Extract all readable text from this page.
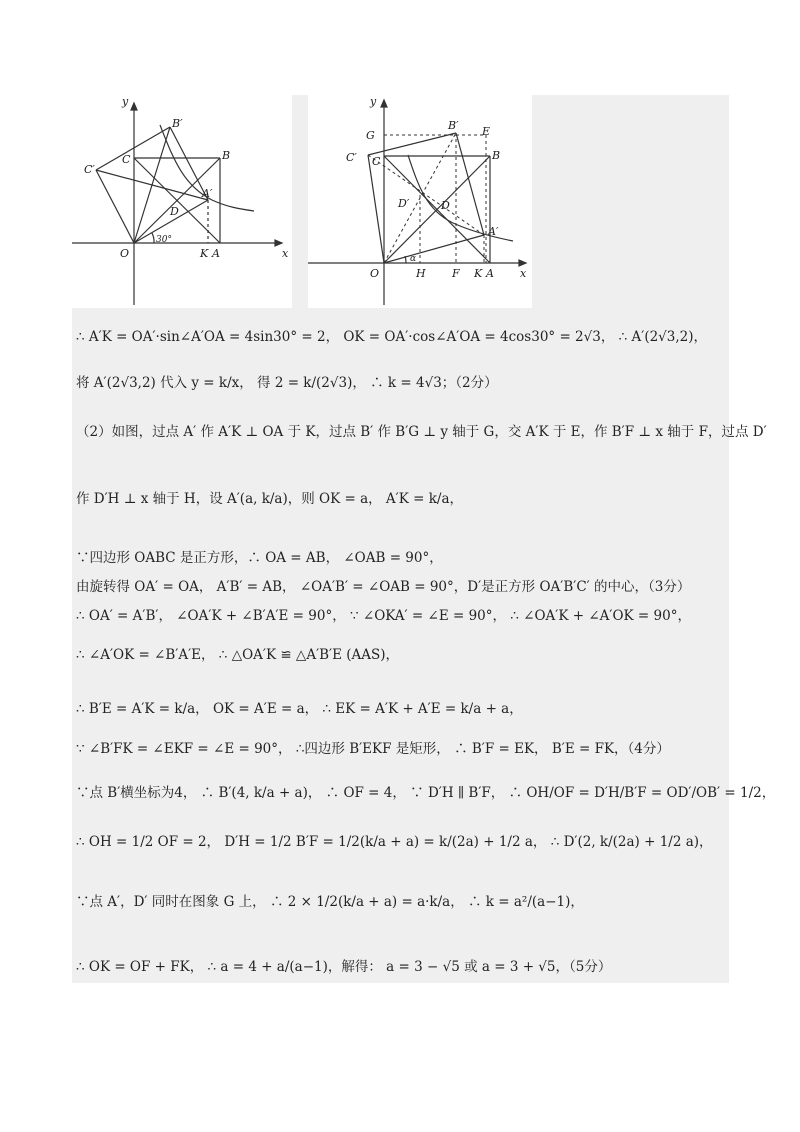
y
B′
C′
C	B
A′
D
O
30°
K A	x
y
G
B′ E
C′ C	B
D′	D
A′
O
α
H F K A x
∴ A′K = OA′·sin∠A′OA = 4sin30° = 2， OK = OA′·cos∠A′OA = 4cos30° = 2√3， ∴ A′(2√3,2)，
将 A′(2√3,2) 代入 y = k/x， 得 2 = k/(2√3)， ∴ k = 4√3；（2分）
（2）如图，过点 A′ 作 A′K ⊥ OA 于 K，过点 B′ 作 B′G ⊥ y 轴于 G，交 A′K 于 E，作 B′F ⊥ x 轴于 F，过点 D′
作 D′H ⊥ x 轴于 H，设 A′(a, k/a)，则 OK = a， A′K = k/a，
∵四边形 OABC 是正方形，∴ OA = AB， ∠OAB = 90°，
由旋转得 OA′ = OA， A′B′ = AB， ∠OA′B′ = ∠OAB = 90°，D′是正方形 OA′B′C′ 的中心，（3分）
∴ OA′ = A′B′， ∠OA′K + ∠B′A′E = 90°， ∵ ∠OKA′ = ∠E = 90°， ∴ ∠OA′K + ∠A′OK = 90°，
∴ ∠A′OK = ∠B′A′E， ∴ △OA′K ≌ △A′B′E (AAS)，
∴ B′E = A′K = k/a， OK = A′E = a， ∴ EK = A′K + A′E = k/a + a，
∵ ∠B′FK = ∠EKF = ∠E = 90°， ∴四边形 B′EKF 是矩形， ∴ B′F = EK， B′E = FK，（4分）
∵点 B′横坐标为4， ∴ B′(4, k/a + a)， ∴ OF = 4， ∵ D′H ∥ B′F， ∴ OH/OF = D′H/B′F = OD′/OB′ = 1/2，
∴ OH = 1/2 OF = 2， D′H = 1/2 B′F = 1/2(k/a + a) = k/(2a) + 1/2 a， ∴ D′(2, k/(2a) + 1/2 a)，
∵点 A′，D′ 同时在图象 G 上， ∴ 2 × 1/2(k/a + a) = a·k/a， ∴ k = a²/(a−1)，
∴ OK = OF + FK， ∴ a = 4 + a/(a−1)，解得： a = 3 − √5 或 a = 3 + √5，（5分）
